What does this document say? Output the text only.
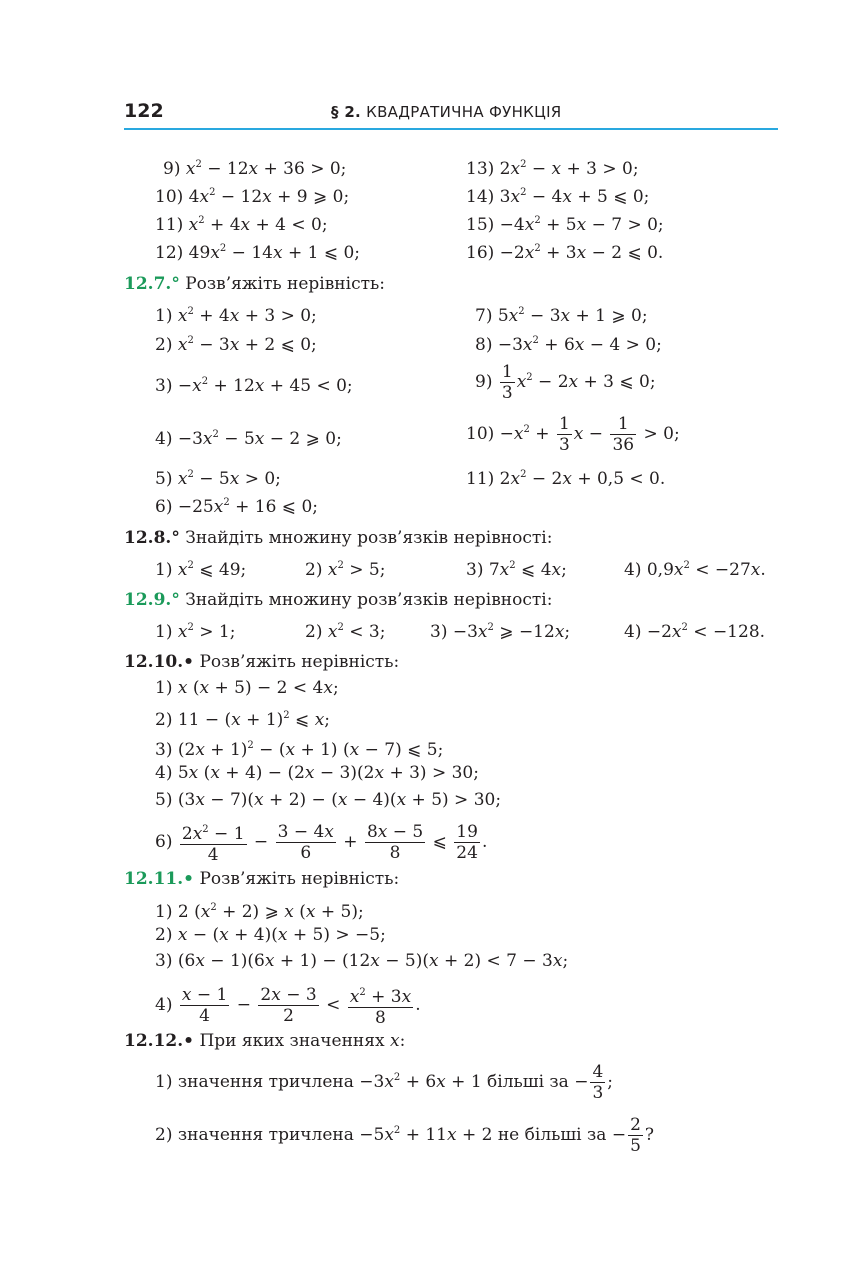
122	§ 2. КВАДРАТИЧНА ФУНКЦІЯ
9) $x^2 - 12x + 36 > 0$;
10) $4x^2 - 12x + 9$ ⩾ 0;
11) $x^2 + 4x + 4 < 0$;
12) $49x^2 - 14x + 1$ ⩽ 0;
13) $2x^2 - x + 3 > 0$;
14) $3x^2 - 4x + 5$ ⩽ 0;
$15) -4x^2 + 5x - 7 > 0$;
$16) -2x^2 + 3x - 2$ ⩽ 0.
12.7.° Розв’яжіть нерівність:
1) $x^2 + 4x + 3 > 0$;
2) $x^2 - 3x + 2$ ⩽ 0;
$3) -x^2 + 12x + 45 < 0$;
$4) -3x^2 - 5x - 2$ ⩾ 0;
5) $x^2 - 5x > 0$;
$6) -25x^2 + 16$ ⩽ 0;
7) $5x^2 - 3x + 1$ ⩾ 0;
$8) -3x^2 + 6x - 4 > 0$;
$9) \frac{1}{3} x^2 - 2x + 3$ ⩽ 0;
$10) -x^2 + \frac{1}{3}$ $x - \frac{1}{36} > 0$;
11) $2x^2 - 2x + 0,5 < 0$.
12.8.° Знайдіть множину розв’язків нерівності:
1) $x^2$ ⩽ 49;	2) $x^2 > 5$;	3) $7x^2$ ⩽ 4x;	4) $0,9x^2 < -27x$.
12.9.° Знайдіть множину розв’язків нерівності:
1) $x^2 > 1$;	2) $x^2 < 3$;	$3) -3x^2$ ⩾ −12x;	$4) -2x^2 < -128$.
12.10.• Розв’яжіть нерівність:
1) x (x + 5) − 2 < 4x;
2) $11 - (x + 1)^2$ ⩽ x;
3) $(2x + 1)^2 - (x + 1)$ (x − 7) ⩽ 5;
4) 5x (x + 4) − (2x − 3)(2x + 3) > 30;
5) (3x − 7)(x + 2) − (x − 4)(x + 5) > 30;
$6) \frac{2x^2 - 1}{4} - \frac{3 - 4x}{6} + \frac{8x - 5}{8}$ ⩽ $\frac{19}{24}$ .
12.11.• Розв’яжіть нерівність:
1) 2 $(x^2 + 2)$ ⩾ x (x + 5);
2) x − (x + 4)(x + 5) > −5;
3) (6x − 1)(6x + 1) − (12x − 5)(x + 2) < 7 − 3x;
$4) \frac{x - 1}{4} - \frac{2x - 3}{2} < \frac{x^2 + 3x}{8}$ .
12.12.• При яких значеннях x:
1) значення тричлена $-3x^2 + 6x + 1$ більші за − $\frac{4}{3}$ ;
2) значення тричлена $-5x^2 + 11x + 2$ не більші за − $\frac{2}{5}$ ?
